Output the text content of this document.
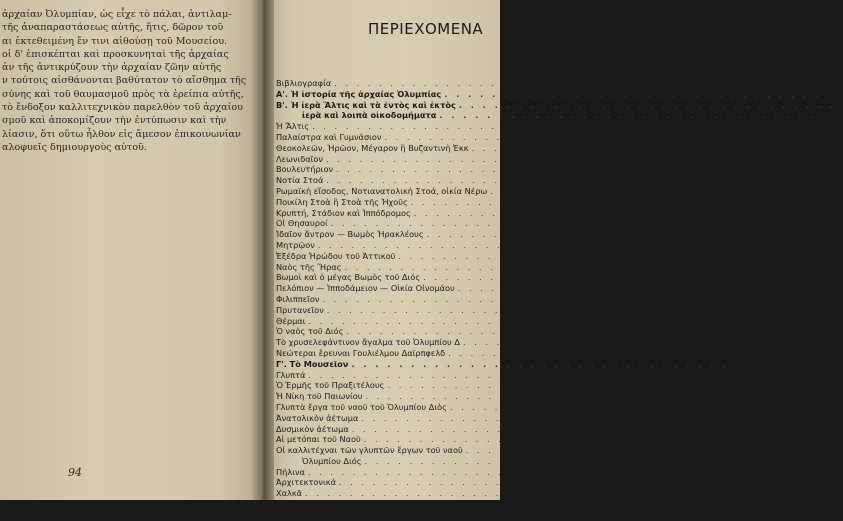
ἀρχαίαν Ὀλυμπίαν, ὡς εἶχε τὸ πάλαι, ἀντιλαμ-
τῆς ἀναπαραστάσεως αὐτῆς, ἥτις, δῶρον τοῦ
αι ἐκτεθειμένη ἔν τινι αἰθούσῃ τοῦ Μουσείου.
οἱ δ' ἐπισκέπται καὶ προσκυνηταὶ τῆς ἀρχαίας
ἀν τῆς ἀντικρύζουν τὴν ἀρχαίαν ζῶην αὐτῆς
ν τούτοις αἰσθάνονται βαθύτατον τὸ αἴσθημα τῆς
σύνης καὶ τοῦ θαυμασμοῦ πρὸς τὰ ἐρείπια αὐτῆς,
τὸ ἔνδοξον καλλιτεχνικὸν παρελθὸν τοῦ ἀρχαίου
σμοῦ καὶ ἀποκομίζουν τὴν ἐντύπωσιν καὶ τὴν
λίασιν, ὅτι οὕτω ἦλθον εἰς ἄμεσον ἐπικοινωνίαν
αλοφυεῖς δημιουργοὺς αὐτοῦ.
94
ΠΕΡΙΕΧΟΜΕΝΑ
Βιβλιογραφία . . . . . . . . . . . . . . . . . . . . . . . . . . . . . . . .
Α'. Ἡ ἱστορία τῆς ἀρχαίας Ὀλυμπίας . . . . . . . . . . . . . . . . . . . . . . . . . . . . . . . .
Β'. Ἡ ἱερὰ Ἄλτις καὶ τὰ ἐντὸς καὶ ἐκτὸς . . . . . . . . . . . . . . . . . . . . . . . . . . . . . . . .
ἱερὰ καὶ λοιπὰ οἰκοδομήματα . . . . . . . . . . . . . . . . . . . . . . . . . . . . . . . .
Ἡ Ἄλτις . . . . . . . . . . . . . . . . . . . . . . . . . . . . . . . .
Παλαίστρα καὶ Γυμνάσιον . . . . . . . . . . . . . . . . . . . . . . . . . . . . . . . .
Θεοκολεῶν, Ἡρῶον, Μέγαρον ἢ Βυζαντινὴ Ἐκκ . . . . . . . . . . . . . . . . . . . . . . . . . . . . . . . .
Λεωνιδαῖον . . . . . . . . . . . . . . . . . . . . . . . . . . . . . . . .
Βουλευτήριον . . . . . . . . . . . . . . . . . . . . . . . . . . . . . . . .
Νοτία Στοά . . . . . . . . . . . . . . . . . . . . . . . . . . . . . . . .
Ρωμαϊκὴ εἴσοδος, Νοτιανατολικὴ Στοά, οἰκία Νέρω . . . . . . . . . . . . . . . . . . . . . . . . . . . . . . . .
Ποικίλη Στοὰ ἢ Στοὰ τῆς Ἠχοῦς . . . . . . . . . . . . . . . . . . . . . . . . . . . . . . . .
Κρυπτή, Στάδιον καὶ Ἱππόδρομος . . . . . . . . . . . . . . . . . . . . . . . . . . . . . . . .
Οἱ Θησαυροί . . . . . . . . . . . . . . . . . . . . . . . . . . . . . . . .
Ἰδαῖον ἄντρον — Βωμὸς Ἡρακλέους . . . . . . . . . . . . . . . . . . . . . . . . . . . . . . . .
Μητρῷον . . . . . . . . . . . . . . . . . . . . . . . . . . . . . . . .
Ἐξέδρα Ἡρώδου τοῦ Ἀττικοῦ . . . . . . . . . . . . . . . . . . . . . . . . . . . . . . . .
Ναὸς τῆς Ἥρας . . . . . . . . . . . . . . . . . . . . . . . . . . . . . . . .
Βωμοὶ καὶ ὁ μέγας Βωμὸς τοῦ Διός . . . . . . . . . . . . . . . . . . . . . . . . . . . . . . . .
Πελόπιον — Ἱπποδάμειον — Οἰκία Οἰνομάου . . . . . . . . . . . . . . . . . . . . . . . . . . . . . . . .
Φιλιππεῖον . . . . . . . . . . . . . . . . . . . . . . . . . . . . . . . .
Πρυτανεῖον . . . . . . . . . . . . . . . . . . . . . . . . . . . . . . . .
Θέρμαι . . . . . . . . . . . . . . . . . . . . . . . . . . . . . . . .
Ὁ ναὸς τοῦ Διός . . . . . . . . . . . . . . . . . . . . . . . . . . . . . . . .
Τὸ χρυσελεφάντινον ἄγαλμα τοῦ Ὀλυμπίου Δ . . . . . . . . . . . . . . . . . . . . . . . . . . . . . . . .
Νεώτεραι ἔρευναι Γουλιέλμου Δαϊρπφελδ . . . . . . . . . . . . . . . . . . . . . . . . . . . . . . . .
Γ'. Τὸ Μουσεῖον . . . . . . . . . . . . . . . . . . . . . . . . . . . . . . . .
Γλυπτά . . . . . . . . . . . . . . . . . . . . . . . . . . . . . . . .
Ὁ Ἑρμῆς τοῦ Πραξιτέλους . . . . . . . . . . . . . . . . . . . . . . . . . . . . . . . .
Ἡ Νίκη τοῦ Παιωνίου . . . . . . . . . . . . . . . . . . . . . . . . . . . . . . . .
Γλυπτὰ ἔργα τοῦ ναοῦ τοῦ Ὀλυμπίου Διὸς . . . . . . . . . . . . . . . . . . . . . . . . . . . . . . . .
Ἀνατολικὸν ἀέτωμα . . . . . . . . . . . . . . . . . . . . . . . . . . . . . . . .
Δυσμικὸν ἀέτωμα . . . . . . . . . . . . . . . . . . . . . . . . . . . . . . . .
Αἱ μετόπαι τοῦ Ναοῦ . . . . . . . . . . . . . . . . . . . . . . . . . . . . . . . .
Οἱ καλλιτέχναι τῶν γλυπτῶν ἔργων τοῦ ναοῦ . . . . . . . . . . . . . . . . . . . . . . . . . . . . . . . .
Ὀλυμπίου Διός . . . . . . . . . . . . . . . . . . . . . . . . . . . . . . . .
Πήλινα . . . . . . . . . . . . . . . . . . . . . . . . . . . . . . . .
Ἀρχιτεκτονικά . . . . . . . . . . . . . . . . . . . . . . . . . . . . . . . .
Χαλκᾶ . . . . . . . . . . . . . . . . . . . . . . . . . . . . . . . .
Ὁ λίθος τοῦ Βύβωνος . . . . . . . . . . . . . . . . . . . . . . . . . . . . . . . .
Ἐπίλογος . . . . . . . . . . . . . . . . . . . . . . . . . . . . . . . .
